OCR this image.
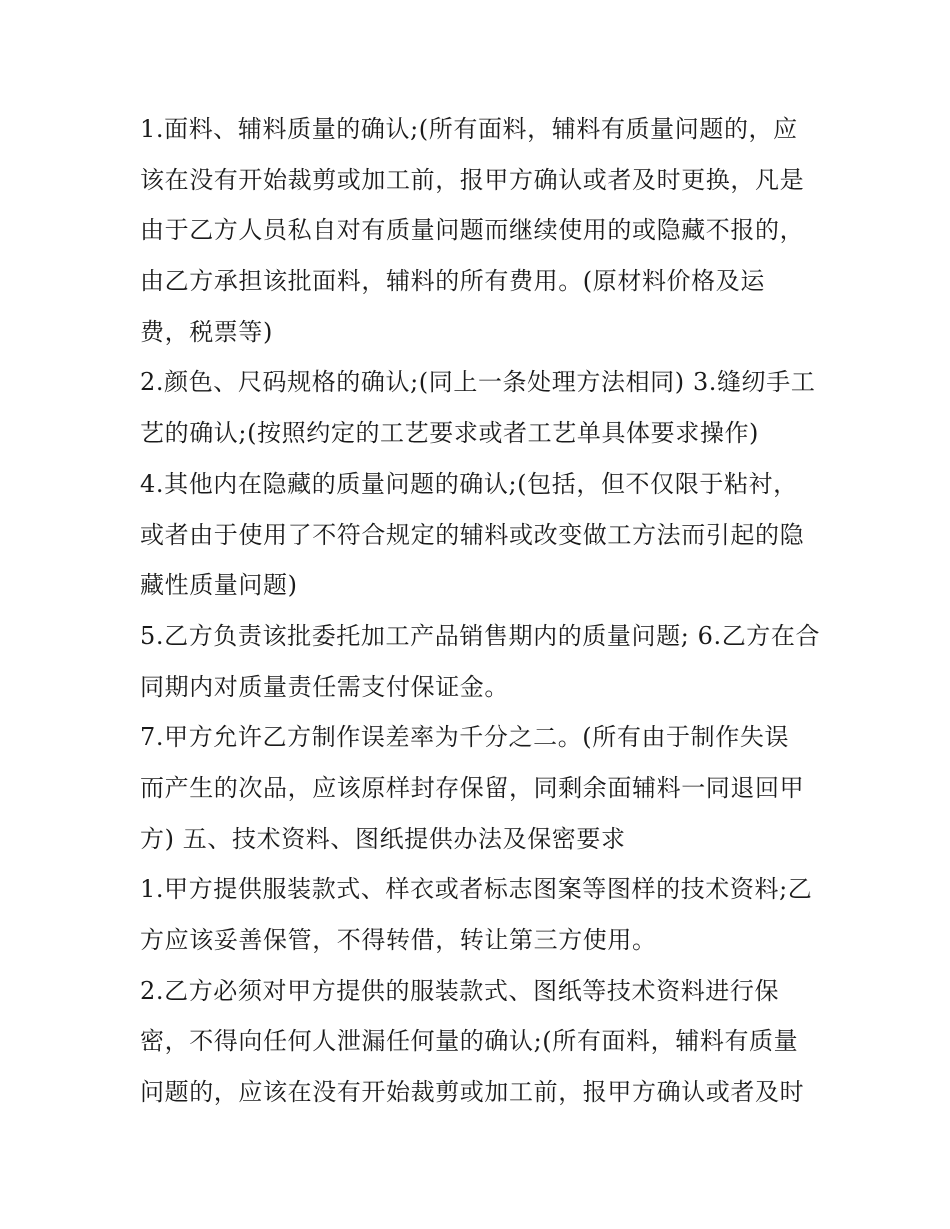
1.面料、辅料质量的确认;(所有面料，辅料有质量问题的，应
该在没有开始裁剪或加工前，报甲方确认或者及时更换，凡是
由于乙方人员私自对有质量问题而继续使用的或隐藏不报的，
由乙方承担该批面料，辅料的所有费用。(原材料价格及运
费，税票等)
2.颜色、尺码规格的确认;(同上一条处理方法相同) 3.缝纫手工
艺的确认;(按照约定的工艺要求或者工艺单具体要求操作)
4.其他内在隐藏的质量问题的确认;(包括，但不仅限于粘衬，
或者由于使用了不符合规定的辅料或改变做工方法而引起的隐
藏性质量问题)
5.乙方负责该批委托加工产品销售期内的质量问题; 6.乙方在合
同期内对质量责任需支付保证金。
7.甲方允许乙方制作误差率为千分之二。(所有由于制作失误
而产生的次品，应该原样封存保留，同剩余面辅料一同退回甲
方) 五、技术资料、图纸提供办法及保密要求
1.甲方提供服装款式、样衣或者标志图案等图样的技术资料;乙
方应该妥善保管，不得转借，转让第三方使用。
2.乙方必须对甲方提供的服装款式、图纸等技术资料进行保
密，不得向任何人泄漏任何量的确认;(所有面料，辅料有质量
问题的，应该在没有开始裁剪或加工前，报甲方确认或者及时
